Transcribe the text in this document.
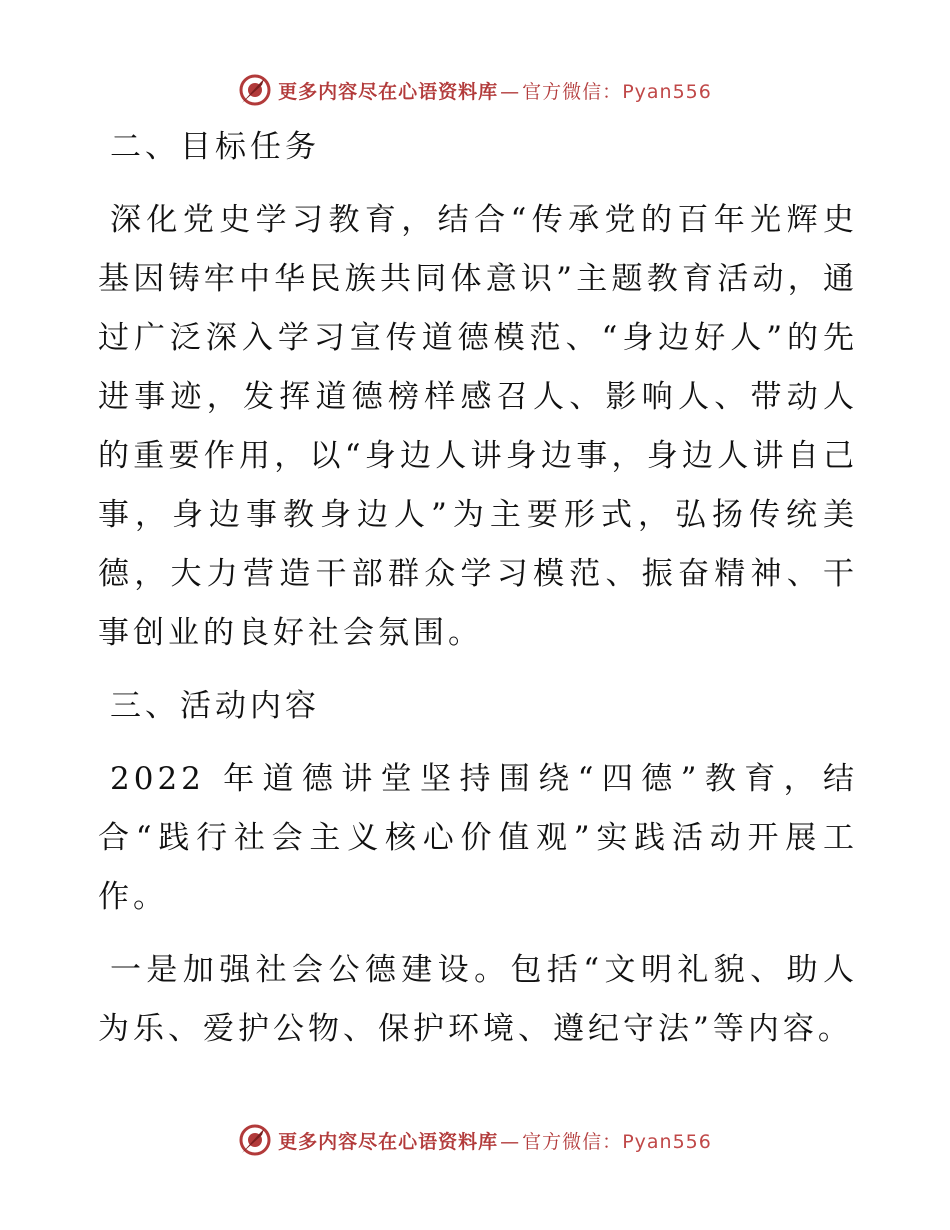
更多内容尽在心语资料库 — 官方微信：Pyan556

二、目标任务

深化党史学习教育，结合“传承党的百年光辉史基因铸牢中华民族共同体意识”主题教育活动，通过广泛深入学习宣传道德模范、“身边好人”的先进事迹，发挥道德榜样感召人、影响人、带动人的重要作用，以“身边人讲身边事，身边人讲自己事，身边事教身边人”为主要形式，弘扬传统美德，大力营造干部群众学习模范、振奋精神、干事创业的良好社会氛围。

三、活动内容

2022 年道德讲堂坚持围绕“四德”教育，结合“践行社会主义核心价值观”实践活动开展工作。

一是加强社会公德建设。包括“文明礼貌、助人为乐、爱护公物、保护环境、遵纪守法”等内容。

更多内容尽在心语资料库 — 官方微信：Pyan556
